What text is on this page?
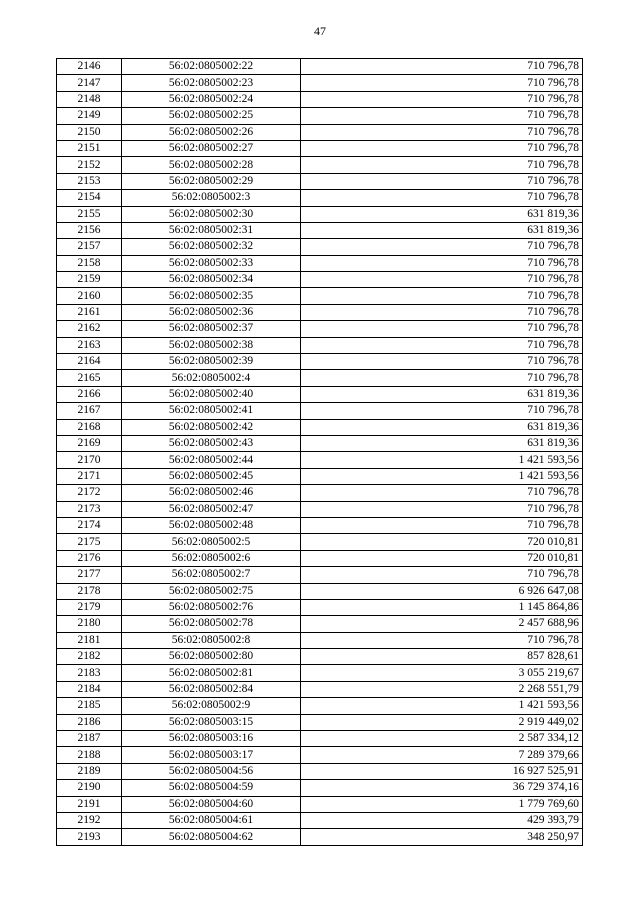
47
2146	56:02:0805002:22	710 796,78
2147	56:02:0805002:23	710 796,78
2148	56:02:0805002:24	710 796,78
2149	56:02:0805002:25	710 796,78
2150	56:02:0805002:26	710 796,78
2151	56:02:0805002:27	710 796,78
2152	56:02:0805002:28	710 796,78
2153	56:02:0805002:29	710 796,78
2154	56:02:0805002:3	710 796,78
2155	56:02:0805002:30	631 819,36
2156	56:02:0805002:31	631 819,36
2157	56:02:0805002:32	710 796,78
2158	56:02:0805002:33	710 796,78
2159	56:02:0805002:34	710 796,78
2160	56:02:0805002:35	710 796,78
2161	56:02:0805002:36	710 796,78
2162	56:02:0805002:37	710 796,78
2163	56:02:0805002:38	710 796,78
2164	56:02:0805002:39	710 796,78
2165	56:02:0805002:4	710 796,78
2166	56:02:0805002:40	631 819,36
2167	56:02:0805002:41	710 796,78
2168	56:02:0805002:42	631 819,36
2169	56:02:0805002:43	631 819,36
2170	56:02:0805002:44	1 421 593,56
2171	56:02:0805002:45	1 421 593,56
2172	56:02:0805002:46	710 796,78
2173	56:02:0805002:47	710 796,78
2174	56:02:0805002:48	710 796,78
2175	56:02:0805002:5	720 010,81
2176	56:02:0805002:6	720 010,81
2177	56:02:0805002:7	710 796,78
2178	56:02:0805002:75	6 926 647,08
2179	56:02:0805002:76	1 145 864,86
2180	56:02:0805002:78	2 457 688,96
2181	56:02:0805002:8	710 796,78
2182	56:02:0805002:80	857 828,61
2183	56:02:0805002:81	3 055 219,67
2184	56:02:0805002:84	2 268 551,79
2185	56:02:0805002:9	1 421 593,56
2186	56:02:0805003:15	2 919 449,02
2187	56:02:0805003:16	2 587 334,12
2188	56:02:0805003:17	7 289 379,66
2189	56:02:0805004:56	16 927 525,91
2190	56:02:0805004:59	36 729 374,16
2191	56:02:0805004:60	1 779 769,60
2192	56:02:0805004:61	429 393,79
2193	56:02:0805004:62	348 250,97
